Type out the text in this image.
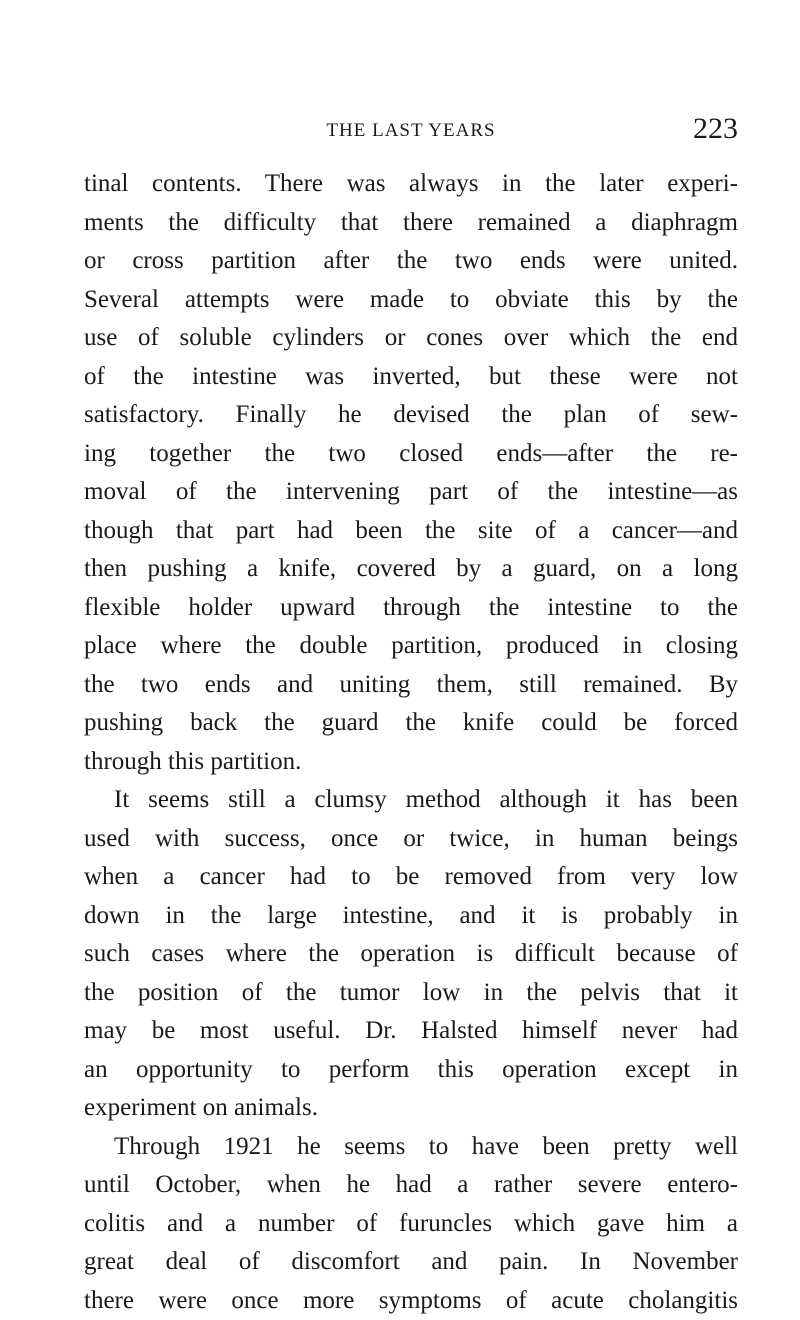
THE LAST YEARS	223
tinal contents. There was always in the later experi-
ments the difficulty that there remained a diaphragm
or cross partition after the two ends were united.
Several attempts were made to obviate this by the
use of soluble cylinders or cones over which the end
of the intestine was inverted, but these were not
satisfactory. Finally he devised the plan of sew-
ing together the two closed ends—after the re-
moval of the intervening part of the intestine—as
though that part had been the site of a cancer—and
then pushing a knife, covered by a guard, on a long
flexible holder upward through the intestine to the
place where the double partition, produced in closing
the two ends and uniting them, still remained. By
pushing back the guard the knife could be forced
through this partition.
It seems still a clumsy method although it has been
used with success, once or twice, in human beings
when a cancer had to be removed from very low
down in the large intestine, and it is probably in
such cases where the operation is difficult because of
the position of the tumor low in the pelvis that it
may be most useful. Dr. Halsted himself never had
an opportunity to perform this operation except in
experiment on animals.
Through 1921 he seems to have been pretty well
until October, when he had a rather severe entero-
colitis and a number of furuncles which gave him a
great deal of discomfort and pain. In November
there were once more symptoms of acute cholangitis
